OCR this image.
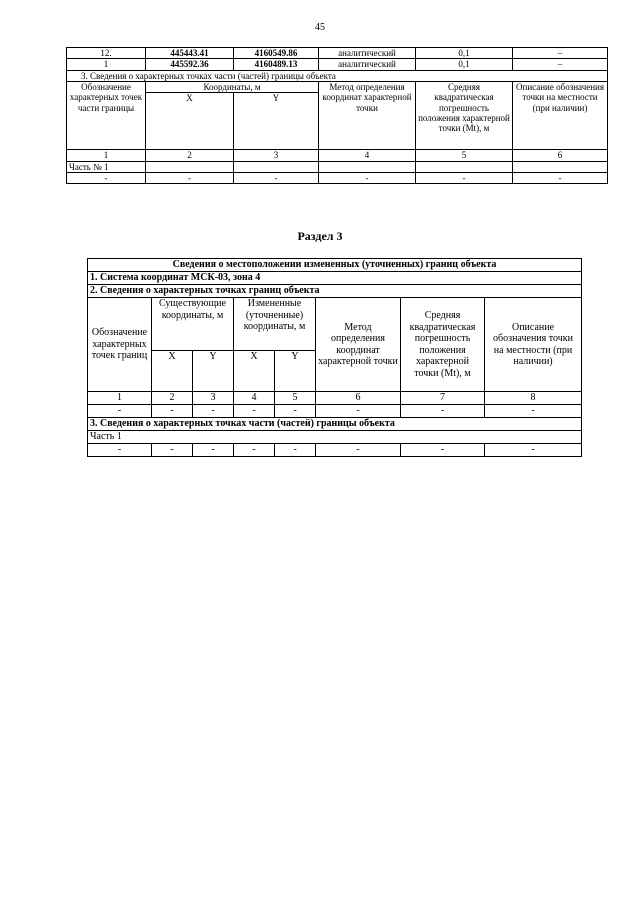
45
12.	445443.41	4160549.86	аналитический	0,1	–
1	445592.36	4160489.13	аналитический	0,1	–
3. Сведения о характерных точках части (частей) границы объекта					
Обозначение характерных точек части границы	Координаты, м		Метод определения координат характерной точки	Средняя квадратическая погрешность положения характерной точки (Mt), м	Описание обозначения точки на местности (при наличии)
	X	Y			
1	2	3	4	5	6
Часть № 1					
-	-	-	-	-	-
Раздел 3
Сведения о местоположении измененных (уточненных) границ объекта							
1. Система координат МСК-03, зона 4							
2. Сведения о характерных точках границ объекта							
Обозначение характерных точек границ	Существующие координаты, м		Измененные (уточненные) координаты, м		Метод определения координат характерной точки	Средняя квадратическая погрешность положения характерной точки (Mt), м	Описание обозначения точки на местности (при наличии)
	X	Y	X	Y			
1	2	3	4	5	6	7	8
-	-	-	-	-	-	-	-
3. Сведения о характерных точках части (частей) границы объекта							
Часть 1							
-	-	-	-	-	-	-	-
